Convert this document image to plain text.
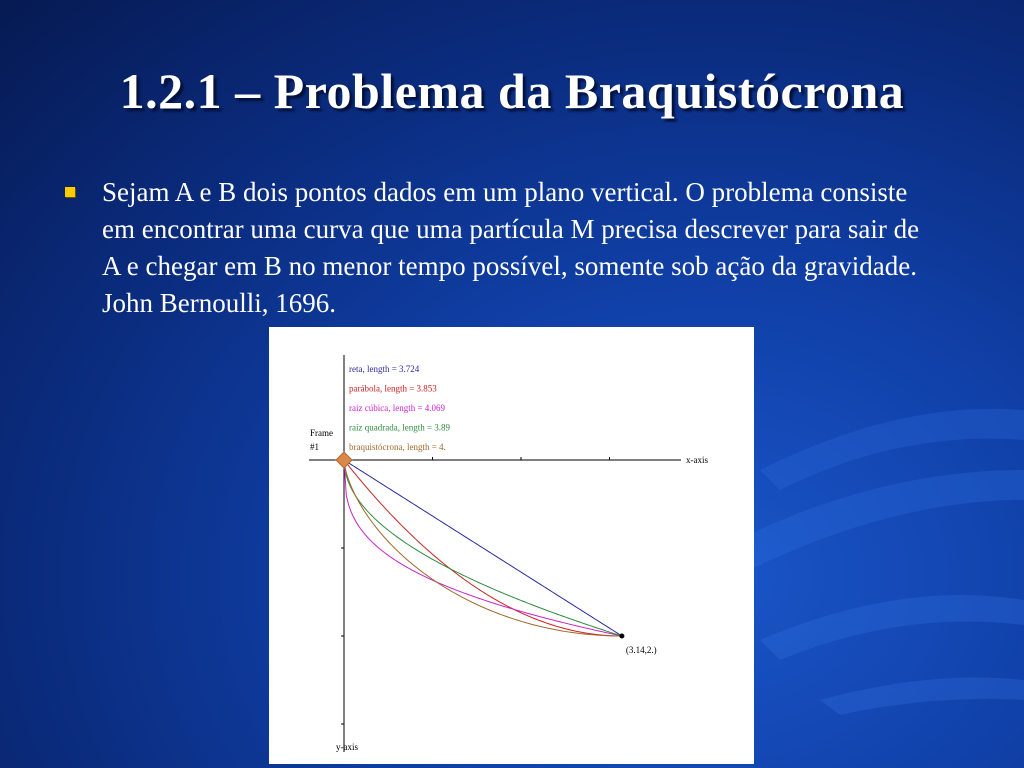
1.2.1 – Problema da Braquistócrona
Sejam A e B dois pontos dados em um plano vertical. O problema consiste em encontrar uma curva que uma partícula M precisa descrever para sair de A e chegar em B no menor tempo possível, somente sob ação da gravidade. John Bernoulli, 1696.
x-axis
y-axis
Frame
#1
reta, length = 3.724
parábola, length = 3.853
raiz cúbica, length = 4.069
raiz quadrada, length = 3.89
braquistócrona, length = 4.
(3.14,2.)
